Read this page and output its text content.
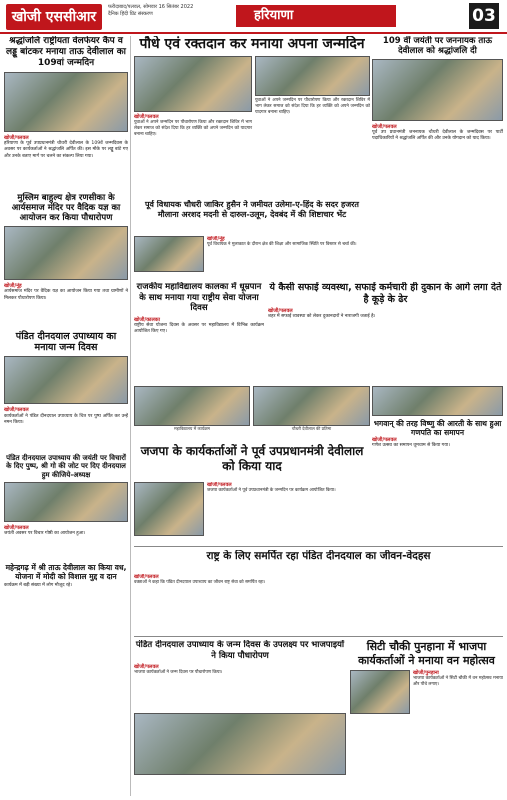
खोजी एससीआर
फरीदाबाद/पलवल, सोमवार 16 सितंबर 2022
दैनिक हिंदी प्रिंट संस्करण	हरियाणा	03
श्रद्धांजलि राष्ट्रीयता वेलफेयर कैंप व लड्डू बांटकर मनाया ताऊ देवीलाल का 109वां जन्मदिन
खोजी/पलवल
हरियाणा के पूर्व उपप्रधानमंत्री चौधरी देवीलाल के 109वें जन्मदिवस के अवसर पर कार्यकर्ताओं ने श्रद्धांजलि अर्पित की। इस मौके पर लड्डू बांटे गए और उनके बताए मार्ग पर चलने का संकल्प लिया गया।
मुस्लिम बाहुल्य क्षेत्र रणसीका के आर्यसमाज मंदिर पर वैदिक यज्ञ का आयोजन कर किया पौधारोपण
खोजी/नूंह
आर्यसमाज मंदिर पर वैदिक यज्ञ का आयोजन किया गया तथा ग्रामीणों ने मिलकर पौधारोपण किया।
पंडित दीनदयाल उपाध्याय का मनाया जन्म दिवस
खोजी/पलवल
कार्यकर्ताओं ने पंडित दीनदयाल उपाध्याय के चित्र पर पुष्प अर्पित कर उन्हें नमन किया।
पंडित दीनदयाल उपाध्याय की जयंती पर विचारों के दिए पुष्प, श्री गो की जोट पर दिए दीनदयाल हुम कीजिये-अध्यक्ष
खोजी/पलवल
जयंती अवसर पर विचार गोष्ठी का आयोजन हुआ।
महेन्द्रगढ़ में श्री ताऊ देवीलाल का किया वध, योजना में मोदी को विशाल मुद्द व दान
कार्यक्रम में बड़ी संख्या में लोग मौजूद रहे।
पौधे एवं रक्तदान कर मनाया अपना जन्मदिन
खोजी/पलवल
युवाओं ने अपने जन्मदिन पर पौधारोपण किया और रक्तदान शिविर में भाग लेकर समाज को संदेश दिया कि हर व्यक्ति को अपने जन्मदिन को यादगार बनाना चाहिए।
युवाओं ने अपने जन्मदिन पर पौधारोपण किया और रक्तदान शिविर में भाग लेकर समाज को संदेश दिया कि हर व्यक्ति को अपने जन्मदिन को यादगार बनाना चाहिए।
109 वीं जयंती पर जननायक ताऊ देवीलाल को श्रद्धांजलि दी
खोजी/पलवल
पूर्व उप प्रधानमंत्री जननायक चौधरी देवीलाल के जन्मदिवस पर पार्टी पदाधिकारियों ने श्रद्धांजलि अर्पित की और उनके योगदान को याद किया।
पूर्व विधायक चौधरी जाकिर हुसैन ने जमीयत उलेमा-ए-हिंद के सदर हजरत मौलाना अरशद मदनी से दारुल-उलूम, देवबंद में की शिष्टाचार भेंट
खोजी/नूंह
पूर्व विधायक ने मुलाकात के दौरान क्षेत्र की शिक्षा और सामाजिक स्थिति पर विस्तार से चर्चा की।
राजकीय महाविद्यालय कालका में धूम्रपान के साथ मनाया गया राष्ट्रीय सेवा योजना दिवस
खोजी/कालका
राष्ट्रीय सेवा योजना दिवस के अवसर पर महाविद्यालय में विभिन्न कार्यक्रम आयोजित किए गए।
ये कैसी सफाई व्यवस्था, सफाई कर्मचारी ही दुकान के आगे लगा देते है कूड़े के ढेर
खोजी/पलवल
शहर में सफाई व्यवस्था को लेकर दुकानदारों ने नाराजगी जताई है।
महाविद्यालय में कार्यक्रम	चौधरी देवीलाल की प्रतिमा
भगवान् की तरह विष्णु की आरती के साथ हुआ गणपति का समापन
खोजी/पलवल
गणेश उत्सव का समापन धूमधाम से किया गया।
जजपा के कार्यकर्ताओं ने पूर्व उपप्रधानमंत्री देवीलाल को किया याद
खोजी/पलवल
जजपा कार्यकर्ताओं ने पूर्व उपप्रधानमंत्री के जन्मदिन पर कार्यक्रम आयोजित किया।
राष्ट्र के लिए समर्पित रहा पंडित दीनदयाल का जीवन-वेदहस
खोजी/पलवल
वक्ताओं ने कहा कि पंडित दीनदयाल उपाध्याय का जीवन राष्ट्र सेवा को समर्पित रहा।
पंडित दीनदयाल उपाध्याय के जन्म दिवस के उपलक्ष्य पर भाजपाइयों ने किया पौधारोपण
खोजी/पलवल
भाजपा कार्यकर्ताओं ने जन्म दिवस पर पौधारोपण किया।
सिटी चौकी पुनहाना में भाजपा कार्यकर्ताओं ने मनाया वन महोत्सव
खोजी/पुनहाना
भाजपा कार्यकर्ताओं ने सिटी चौकी में वन महोत्सव मनाया और पौधे लगाए।
